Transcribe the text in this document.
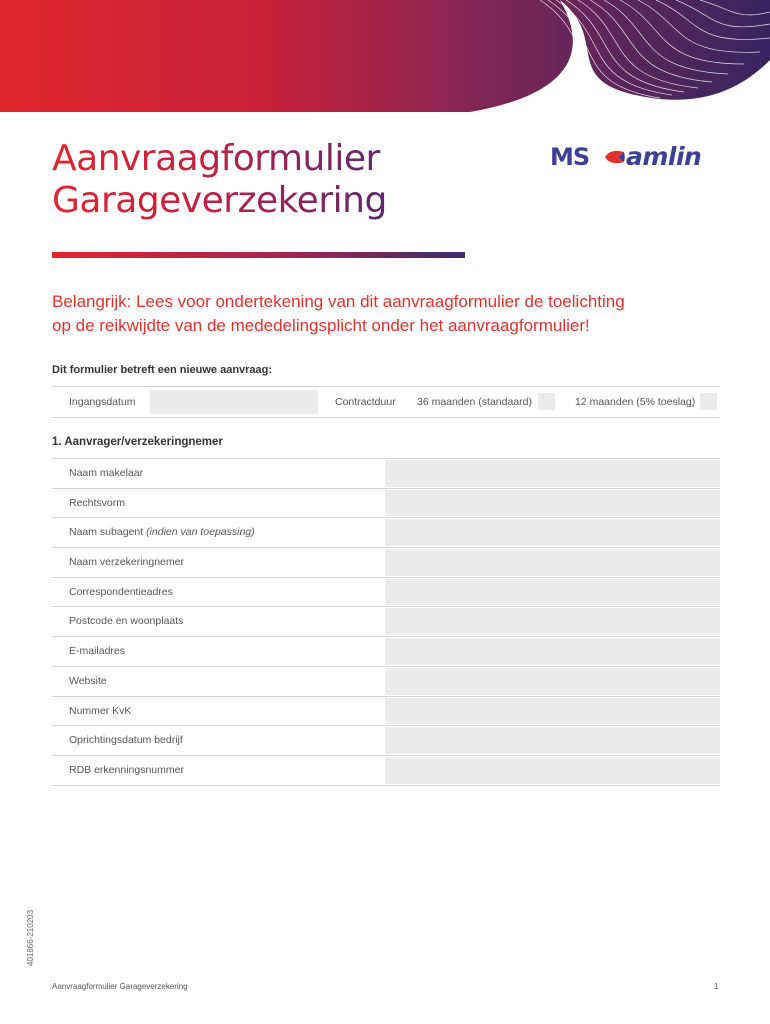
Aanvraagformulier
Garageverzekering
MS amlin

Belangrijk: Lees voor ondertekening van dit aanvraagformulier de toelichting

op de reikwijdte van de mededelingsplicht onder het aanvraagformulier!

Dit formulier betreft een nieuwe aanvraag:
Ingangsdatum	Contractduur 36 maanden (standaard)	12 maanden (5% toeslag)
1. Aanvrager/verzekeringnemer
Naam makelaar
Rechtsvorm
Naam subagent (indien van toepassing)
Naam verzekeringnemer
Correspondentieadres
Postcode en woonplaats
E-mailadres
Website
Nummer KvK
Oprichtingsdatum bedrijf
RDB erkenningsnummer
401866-210203
Aanvraagformulier Garageverzekering	1
